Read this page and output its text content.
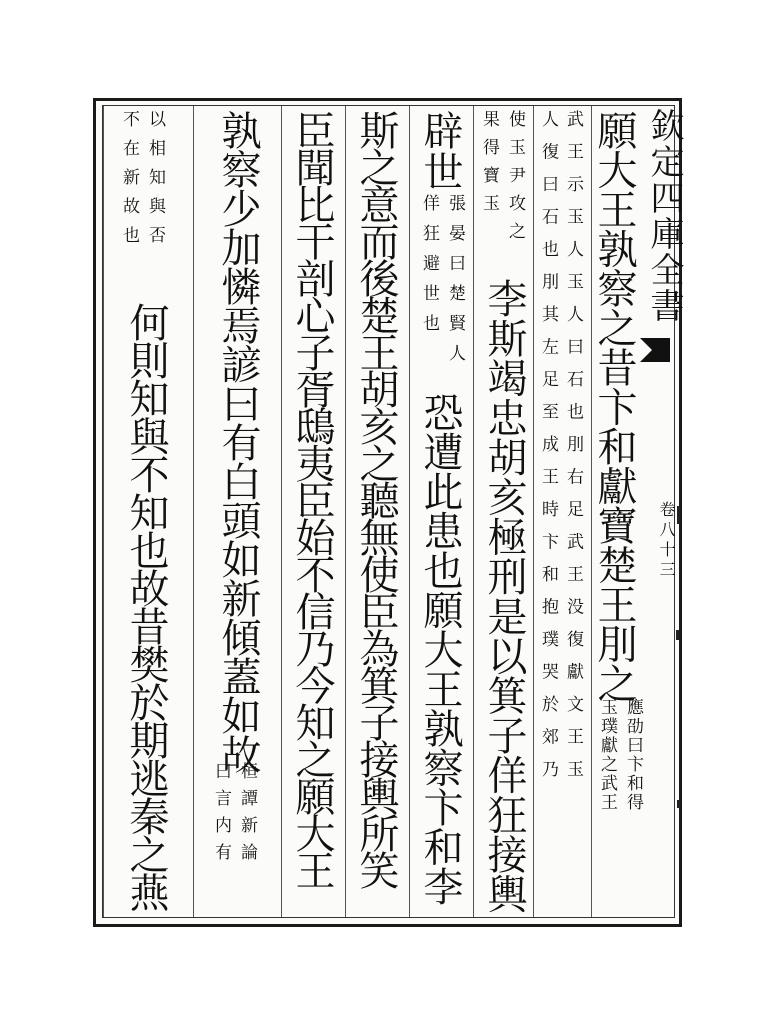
欽定四庫全書
卷八十三
願大王孰察之昔卞和獻寶楚王刖之
應劭曰卞和得
玉璞獻之武王
武王示玉人玉人曰石也刖右足武王没復獻文王玉
人復曰石也刖其左足至成王時卞和抱璞哭於郊乃
使玉尹攻之
果得寶玉
李斯竭忠胡亥極刑是以箕子佯狂接輿
辟世
張晏曰楚賢人
佯狂避世也
恐遭此患也願大王孰察卞和李
斯之意而後楚王胡亥之聽無使臣為箕子接輿所笑
臣聞比干剖心子胥鴟夷臣始不信乃今知之願大王
孰察少加憐焉諺曰有白頭如新傾蓋如故
桓譚新論
曰言内有
以相知與否
不在新故也
何則知與不知也故昔樊於期逃秦之燕
